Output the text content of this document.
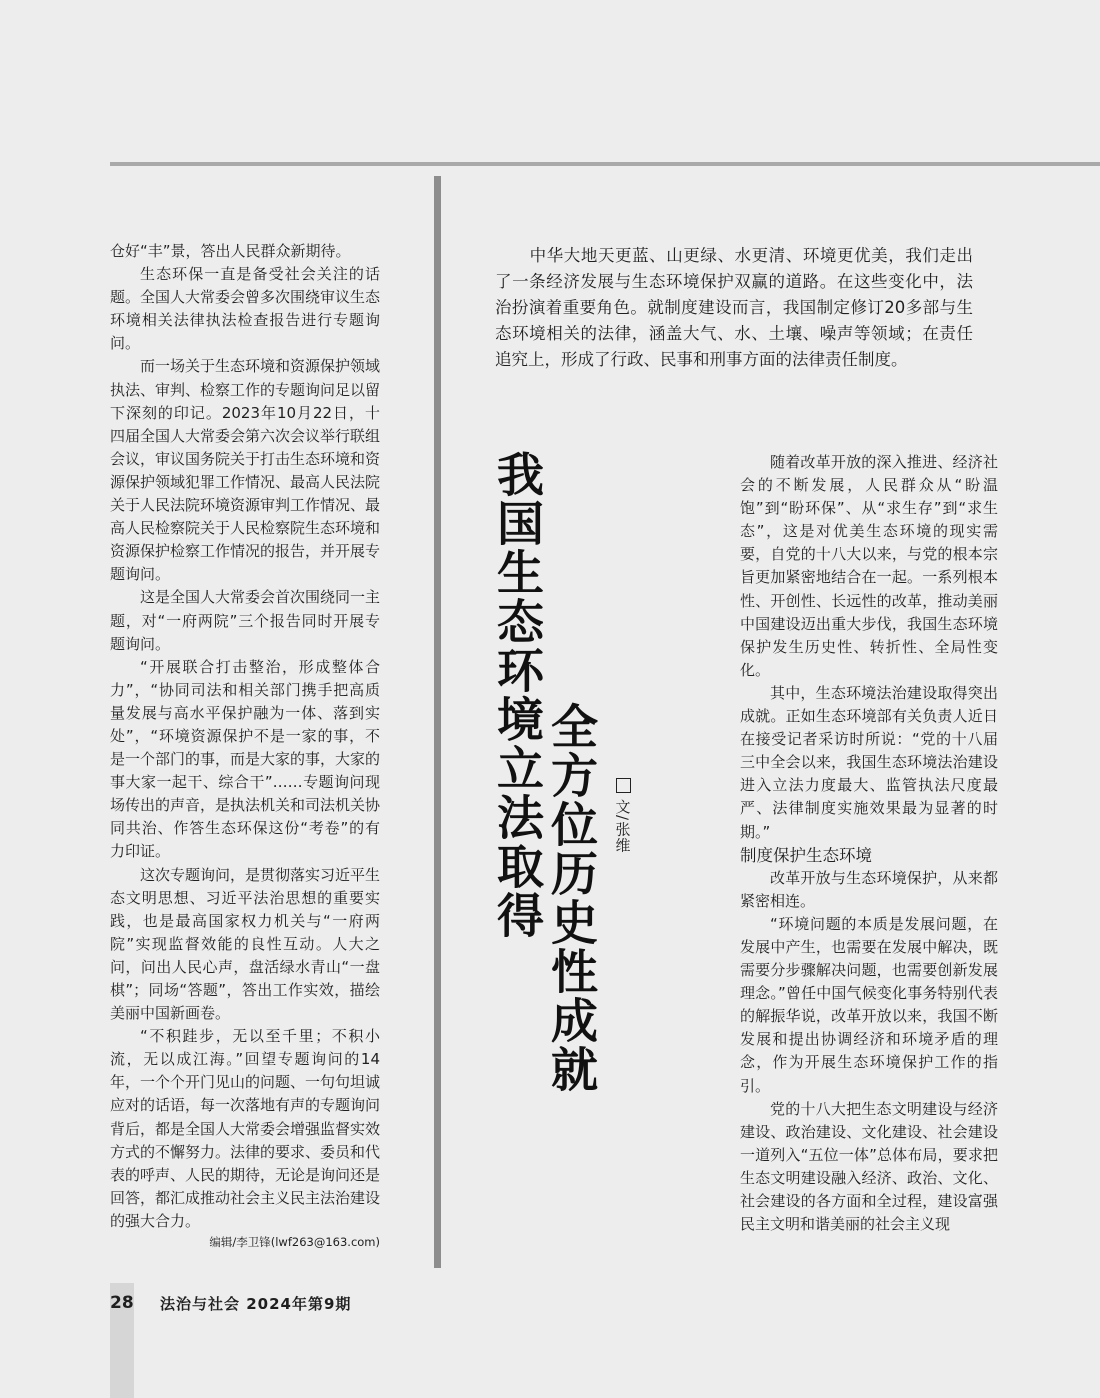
仓好“丰”景，答出人民群众新期待。

生态环保一直是备受社会关注的话题。全国人大常委会曾多次围绕审议生态环境相关法律执法检查报告进行专题询问。

而一场关于生态环境和资源保护领域执法、审判、检察工作的专题询问足以留下深刻的印记。2023年10月22日，十四届全国人大常委会第六次会议举行联组会议，审议国务院关于打击生态环境和资源保护领域犯罪工作情况、最高人民法院关于人民法院环境资源审判工作情况、最高人民检察院关于人民检察院生态环境和资源保护检察工作情况的报告，并开展专题询问。

这是全国人大常委会首次围绕同一主题，对“一府两院”三个报告同时开展专题询问。

“开展联合打击整治，形成整体合力”，“协同司法和相关部门携手把高质量发展与高水平保护融为一体、落到实处”，“环境资源保护不是一家的事，不是一个部门的事，而是大家的事，大家的事大家一起干、综合干”……专题询问现场传出的声音，是执法机关和司法机关协同共治、作答生态环保这份“考卷”的有力印证。

这次专题询问，是贯彻落实习近平生态文明思想、习近平法治思想的重要实践，也是最高国家权力机关与“一府两院”实现监督效能的良性互动。人大之问，问出人民心声，盘活绿水青山“一盘棋”；同场“答题”，答出工作实效，描绘美丽中国新画卷。

“不积跬步，无以至千里；不积小流，无以成江海。”回望专题询问的14年，一个个开门见山的问题、一句句坦诚应对的话语，每一次落地有声的专题询问背后，都是全国人大常委会增强监督实效方式的不懈努力。法律的要求、委员和代表的呼声、人民的期待，无论是询问还是回答，都汇成推动社会主义民主法治建设的强大合力。

编辑/李卫锋(lwf263@163.com)
中华大地天更蓝、山更绿、水更清、环境更优美，我们走出了一条经济发展与生态环境保护双赢的道路。在这些变化中，法治扮演着重要角色。就制度建设而言，我国制定修订20多部与生态环境相关的法律，涵盖大气、水、土壤、噪声等领域；在责任追究上，形成了行政、民事和刑事方面的法律责任制度。
我国生态环境立法取得 全方位历史性成就 文/张维

随着改革开放的深入推进、经济社会的不断发展，人民群众从“盼温饱”到“盼环保”、从“求生存”到“求生态”，这是对优美生态环境的现实需要，自党的十八大以来，与党的根本宗旨更加紧密地结合在一起。一系列根本性、开创性、长远性的改革，推动美丽中国建设迈出重大步伐，我国生态环境保护发生历史性、转折性、全局性变化。

其中，生态环境法治建设取得突出成就。正如生态环境部有关负责人近日在接受记者采访时所说：“党的十八届三中全会以来，我国生态环境法治建设进入立法力度最大、监管执法尺度最严、法律制度实施效果最为显著的时期。”

制度保护生态环境

改革开放与生态环境保护，从来都紧密相连。

“环境问题的本质是发展问题，在发展中产生，也需要在发展中解决，既需要分步骤解决问题，也需要创新发展理念。”曾任中国气候变化事务特别代表的解振华说，改革开放以来，我国不断发展和提出协调经济和环境矛盾的理念，作为开展生态环境保护工作的指引。

党的十八大把生态文明建设与经济建设、政治建设、文化建设、社会建设一道列入“五位一体”总体布局，要求把生态文明建设融入经济、政治、文化、社会建设的各方面和全过程，建设富强民主文明和谐美丽的社会主义现

28 法治与社会 2024年第9期
